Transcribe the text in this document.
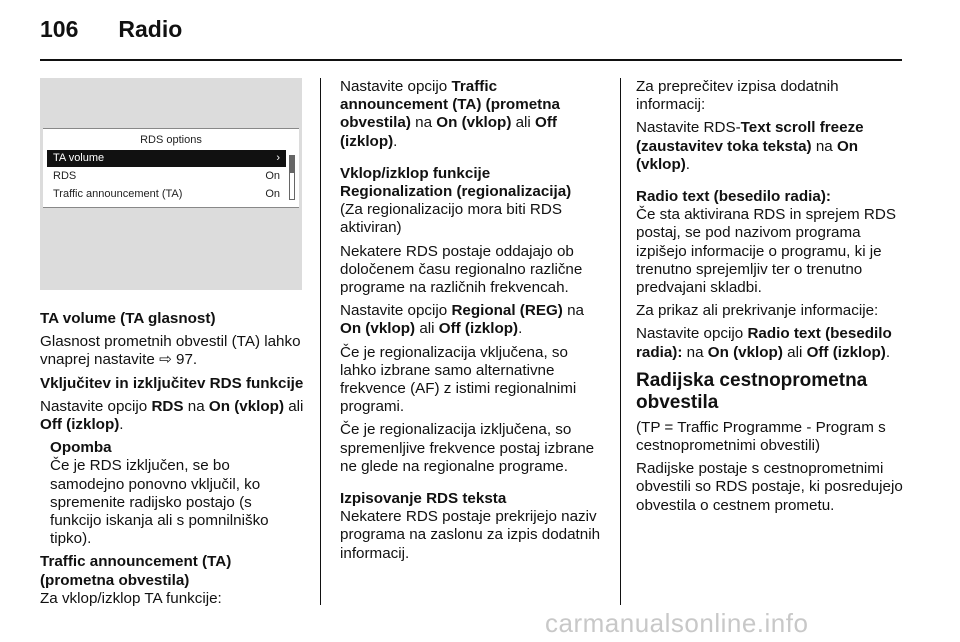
106 Radio
RDS options
TA volume	›
RDS	On
Traffic announcement (TA)	On

TA volume (TA glasnost)

Glasnost prometnih obvestil (TA) lahko vnaprej nastavite ⇨ 97.

Vključitev in izključitev RDS funkcije

Nastavite opcijo RDS na On (vklop) ali Off (izklop).

Opomba

Če je RDS izključen, se bo samodejno ponovno vključil, ko spremenite radijsko postajo (s funkcijo iskanja ali s pomnilniško tipko).

Traffic announcement (TA) (prometna obvestila)

Za vklop/izklop TA funkcije:

Nastavite opcijo Traffic announcement (TA) (prometna obvestila) na On (vklop) ali Off (izklop).

Vklop/izklop funkcije Regionalization (regionalizacija)

(Za regionalizacijo mora biti RDS aktiviran)

Nekatere RDS postaje oddajajo ob določenem času regionalno različne programe na različnih frekvencah.

Nastavite opcijo Regional (REG) na On (vklop) ali Off (izklop).

Če je regionalizacija vključena, so lahko izbrane samo alternativne frekvence (AF) z istimi regionalnimi programi.

Če je regionalizacija izključena, so spremenljive frekvence postaj izbrane ne glede na regionalne programe.

Izpisovanje RDS teksta

Nekatere RDS postaje prekrijejo naziv programa na zaslonu za izpis dodatnih informacij.

Za preprečitev izpisa dodatnih informacij:

Nastavite RDS-Text scroll freeze (zaustavitev toka teksta) na On (vklop).

Radio text (besedilo radia):

Če sta aktivirana RDS in sprejem RDS postaj, se pod nazivom programa izpišejo informacije o programu, ki je trenutno sprejemljiv ter o trenutno predvajani skladbi.

Za prikaz ali prekrivanje informacije:

Nastavite opcijo Radio text (besedilo radia): na On (vklop) ali Off (izklop).

Radijska cestnoprometna obvestila

(TP = Traffic Programme - Program s cestnoprometnimi obvestili)

Radijske postaje s cestnoprometnimi obvestili so RDS postaje, ki posredujejo obvestila o cestnem prometu.

carmanualsonline.info
